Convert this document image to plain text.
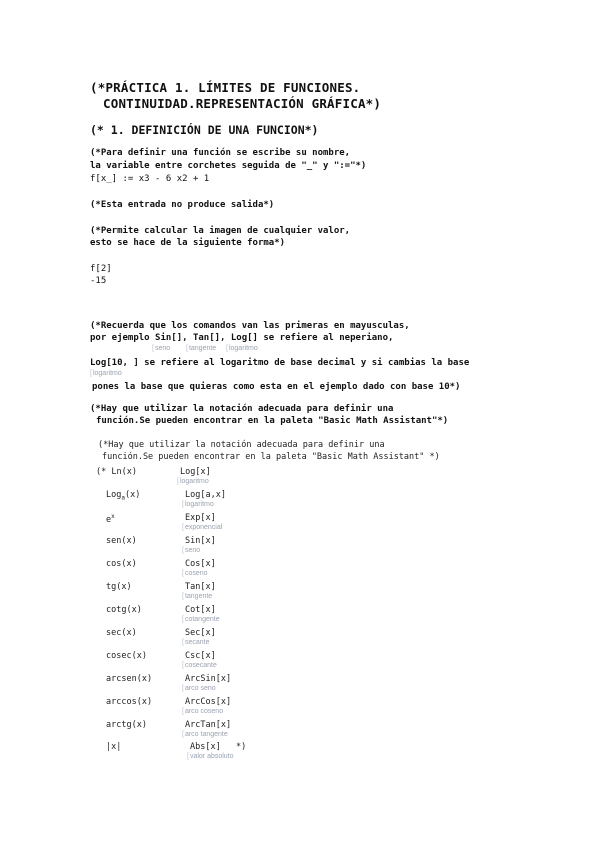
(*PRÁCTICA 1. LÍMITES DE FUNCIONES.
CONTINUIDAD.REPRESENTACIÓN GRÁFICA*)
(* 1. DEFINICIÓN DE UNA FUNCION*)
(*Para definir una función se escribe su nombre,
la variable entre corchetes seguida de "_" y ":="*)
f[x_] := x3 - 6 x2 + 1
(*Esta entrada no produce salida*)
(*Permite calcular la imagen de cualquier valor,
esto se hace de la siguiente forma*)
f[2]
-15
(*Recuerda que los comandos van las primeras en mayusculas,
por ejemplo Sin[], Tan[], Log[] se refiere al neperiano,
[ seno	[ tangente	[ logaritmo
Log[10, ] se refiere al logaritmo de base decimal y si cambias la base
[ logaritmo
pones la base que quieras como esta en el ejemplo dado con base 10*)
(*Hay que utilizar la notación adecuada para definir una
función.Se pueden encontrar en la paleta "Basic Math Assistant"*)
(*Hay que utilizar la notación adecuada para definir una
función.Se pueden encontrar en la paleta "Basic Math Assistant" *)
(* Ln(x)	Log[x]
[ logaritmo
Log$_a$(x)	Log[a,x]
[ logaritmo
$e^x$	Exp[x]
[ exponencial
sen(x)	Sin[x]
[ seno
cos(x)	Cos[x]
[ coseno
tg(x)	Tan[x]
[ tangente
cotg(x)	Cot[x]
[ cotangente
sec(x)	Sec[x]
[ secante
cosec(x)	Csc[x]
[ cosecante
arcsen(x)	ArcSin[x]
[ arco seno
arccos(x)	ArcCos[x]
[ arco coseno
arctg(x)	ArcTan[x]
[ arco tangente
|x|	Abs[x]   *)
[ valor absoluto
